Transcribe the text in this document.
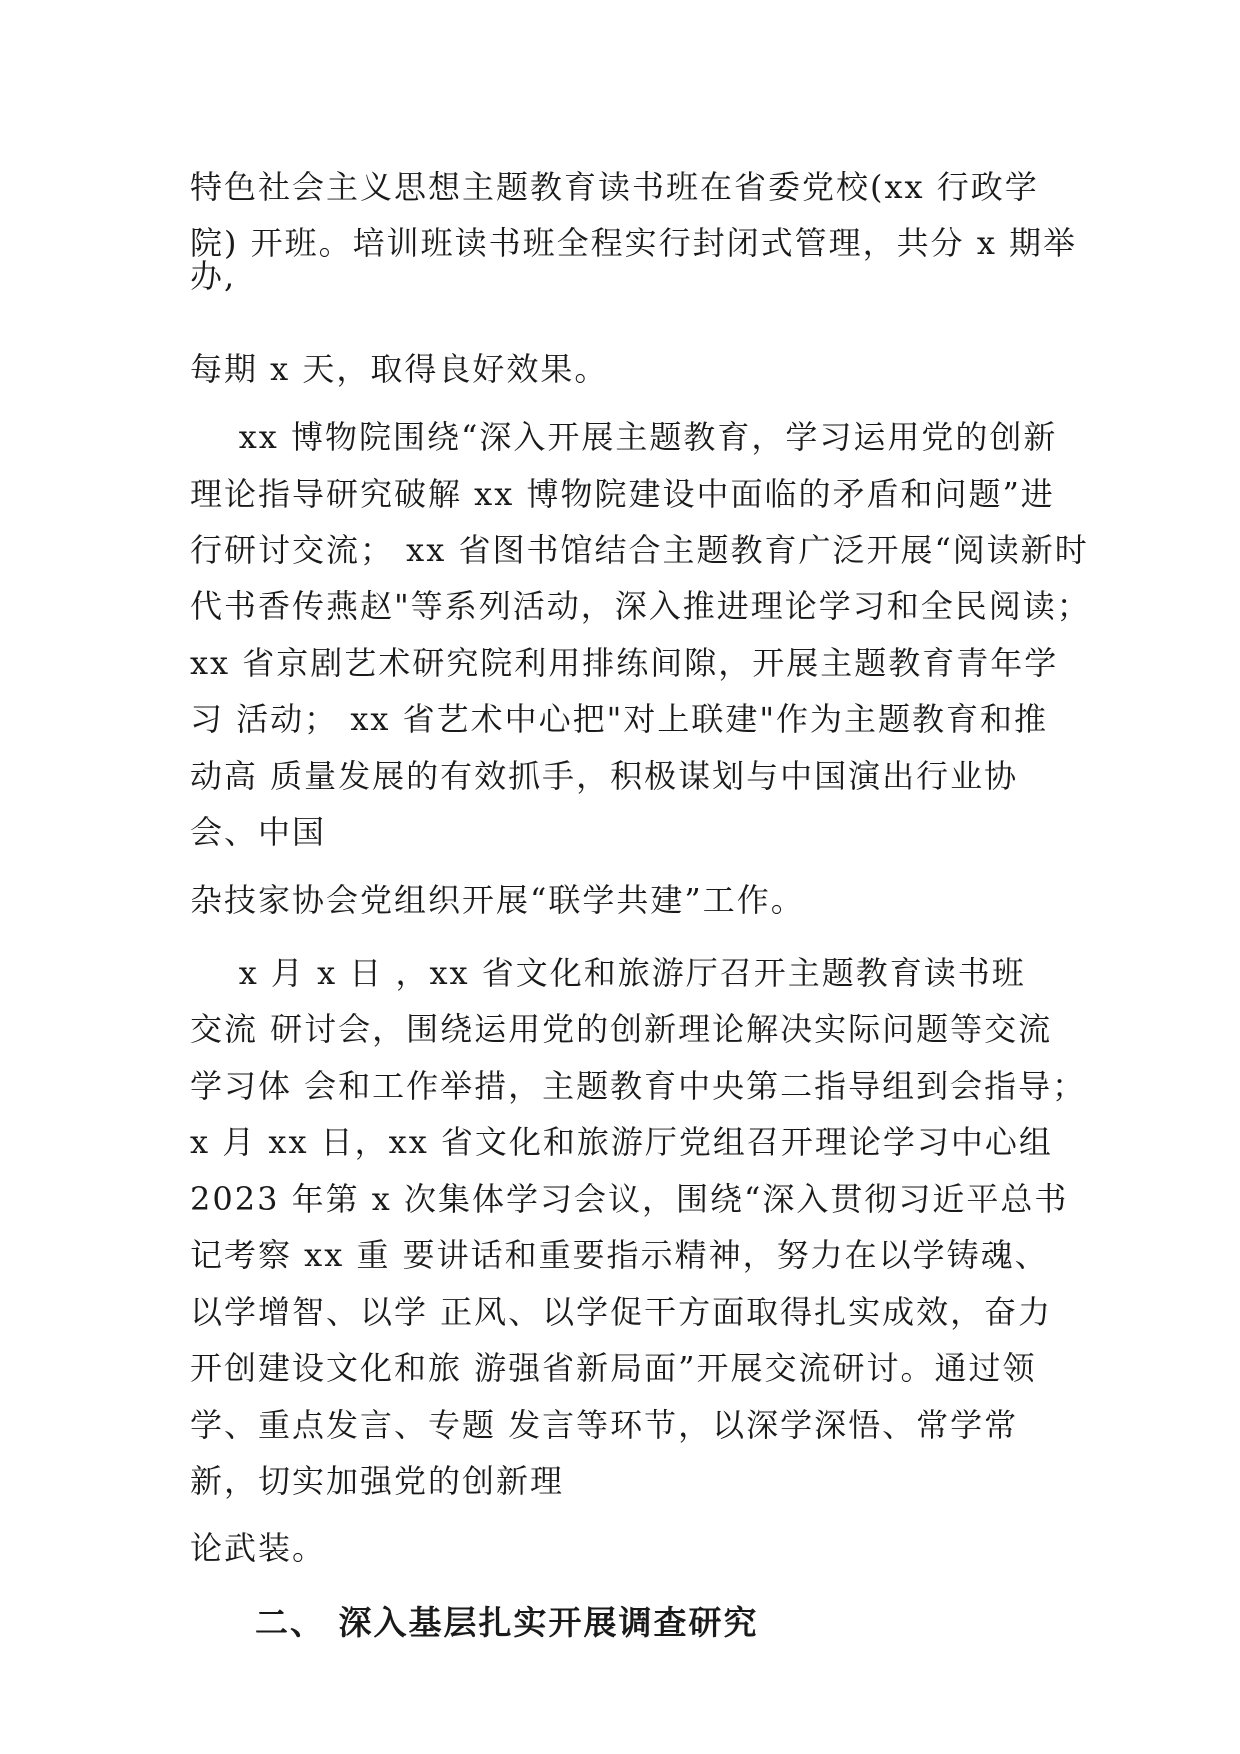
特色社会主义思想主题教育读书班在省委党校(xx 行政学
院) 开班。培训班读书班全程实行封闭式管理，共分 x 期举
办,
每期 x 天，取得良好效果。
xx 博物院围绕“深入开展主题教育，学习运用党的创新
理论指导研究破解 xx 博物院建设中面临的矛盾和问题”进
行研讨交流； xx 省图书馆结合主题教育广泛开展“阅读新时
代书香传燕赵"等系列活动，深入推进理论学习和全民阅读；
xx 省京剧艺术研究院利用排练间隙，开展主题教育青年学
习 活动； xx 省艺术中心把"对上联建"作为主题教育和推
动高 质量发展的有效抓手，积极谋划与中国演出行业协
会、中国
杂技家协会党组织开展“联学共建”工作。
x 月 x 日 ，xx 省文化和旅游厅召开主题教育读书班
交流 研讨会，围绕运用党的创新理论解决实际问题等交流
学习体 会和工作举措，主题教育中央第二指导组到会指导；
x 月 xx 日，xx 省文化和旅游厅党组召开理论学习中心组
2023 年第 x 次集体学习会议，围绕“深入贯彻习近平总书
记考察 xx 重 要讲话和重要指示精神，努力在以学铸魂、
以学增智、以学 正风、以学促干方面取得扎实成效，奋力
开创建设文化和旅 游强省新局面”开展交流研讨。通过领
学、重点发言、专题 发言等环节，以深学深悟、常学常
新，切实加强党的创新理
论武装。
二、 深入基层扎实开展调查研究
